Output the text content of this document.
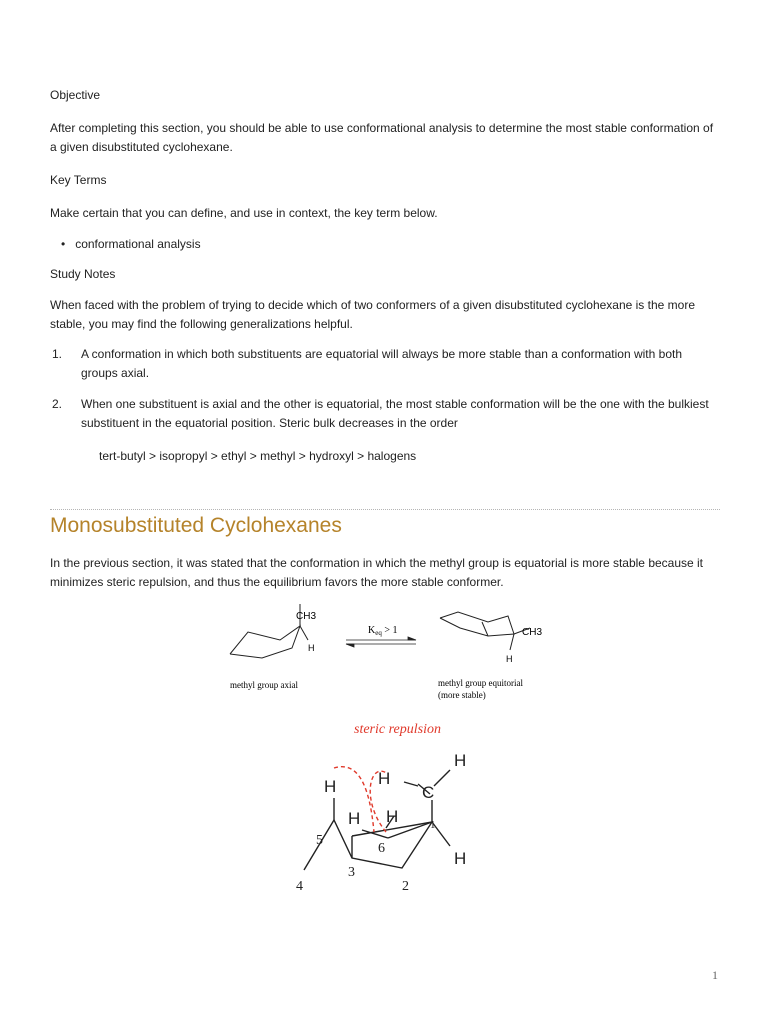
Objective

After completing this section, you should be able to use conformational analysis to determine the most stable conformation of a given disubstituted cyclohexane.

Key Terms

Make certain that you can define, and use in context, the key term below.

• conformational analysis

Study Notes

When faced with the problem of trying to decide which of two conformers of a given disubstituted cyclohexane is the more stable, you may find the following generalizations helpful.

1. A conformation in which both substituents are equatorial will always be more stable than a conformation with both groups axial.
2. When one substituent is axial and the other is equatorial, the most stable conformation will be the one with the bulkiest substituent in the equatorial position. Steric bulk decreases in the order

tert-butyl > isopropyl > ethyl > methyl > hydroxyl > halogens

Monosubstituted Cyclohexanes

In the previous section, it was stated that the conformation in which the methyl group is equatorial is more stable because it minimizes steric repulsion, and thus the equilibrium favors the more stable conformer.

CH3
H
$K_{eq} > 1$	CH3
H
methyl group axial	methyl group equitorial
(more stable)
steric repulsion
H
H
H
H H
H
C
1
2
3
4
5
6
1
